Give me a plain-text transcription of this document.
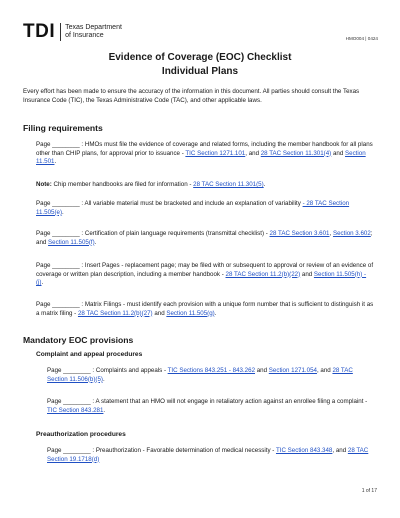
TDI Texas Department
of Insurance	HMO004 | 0424
Evidence of Coverage (EOC) Checklist
Individual Plans
Every effort has been made to ensure the accuracy of the information in this document. All parties should consult the Texas Insurance Code (TIC), the Texas Administrative Code (TAC), and other applicable laws.
Filing requirements
Page ________ : HMOs must file the evidence of coverage and related forms, including the member handbook for all plans other than CHIP plans, for approval prior to issuance - TIC Section 1271.101, and 28 TAC Section 11.301(4) and Section 11.501.
Note: Chip member handbooks are filed for information - 28 TAC Section 11.301(5).
Page ________ : All variable material must be bracketed and include an explanation of variability - 28 TAC Section 11.505(e).
Page ________ : Certification of plain language requirements (transmittal checklist) - 28 TAC Section 3.601, Section 3.602; and Section 11.505(f).
Page ________ : Insert Pages - replacement page; may be filed with or subsequent to approval or review of an evidence of coverage or written plan description, including a member handbook - 28 TAC Section 11.2(b)(22) and Section 11.505(h) - (j).
Page ________ : Matrix Filings - must identify each provision with a unique form number that is sufficient to distinguish it as a matrix filing - 28 TAC Section 11.2(b)(27) and Section 11.505(g).
Mandatory EOC provisions
Complaint and appeal procedures
Page ________ : Complaints and appeals - TIC Sections 843.251 - 843.262 and Section 1271.054, and 28 TAC Section 11.506(b)(5).
Page ________ : A statement that an HMO will not engage in retaliatory action against an enrollee filing a complaint - TIC Section 843.281.
Preauthorization procedures
Page ________ : Preauthorization - Favorable determination of medical necessity - TIC Section 843.348, and 28 TAC Section 19.1718(d)
1 of 17
